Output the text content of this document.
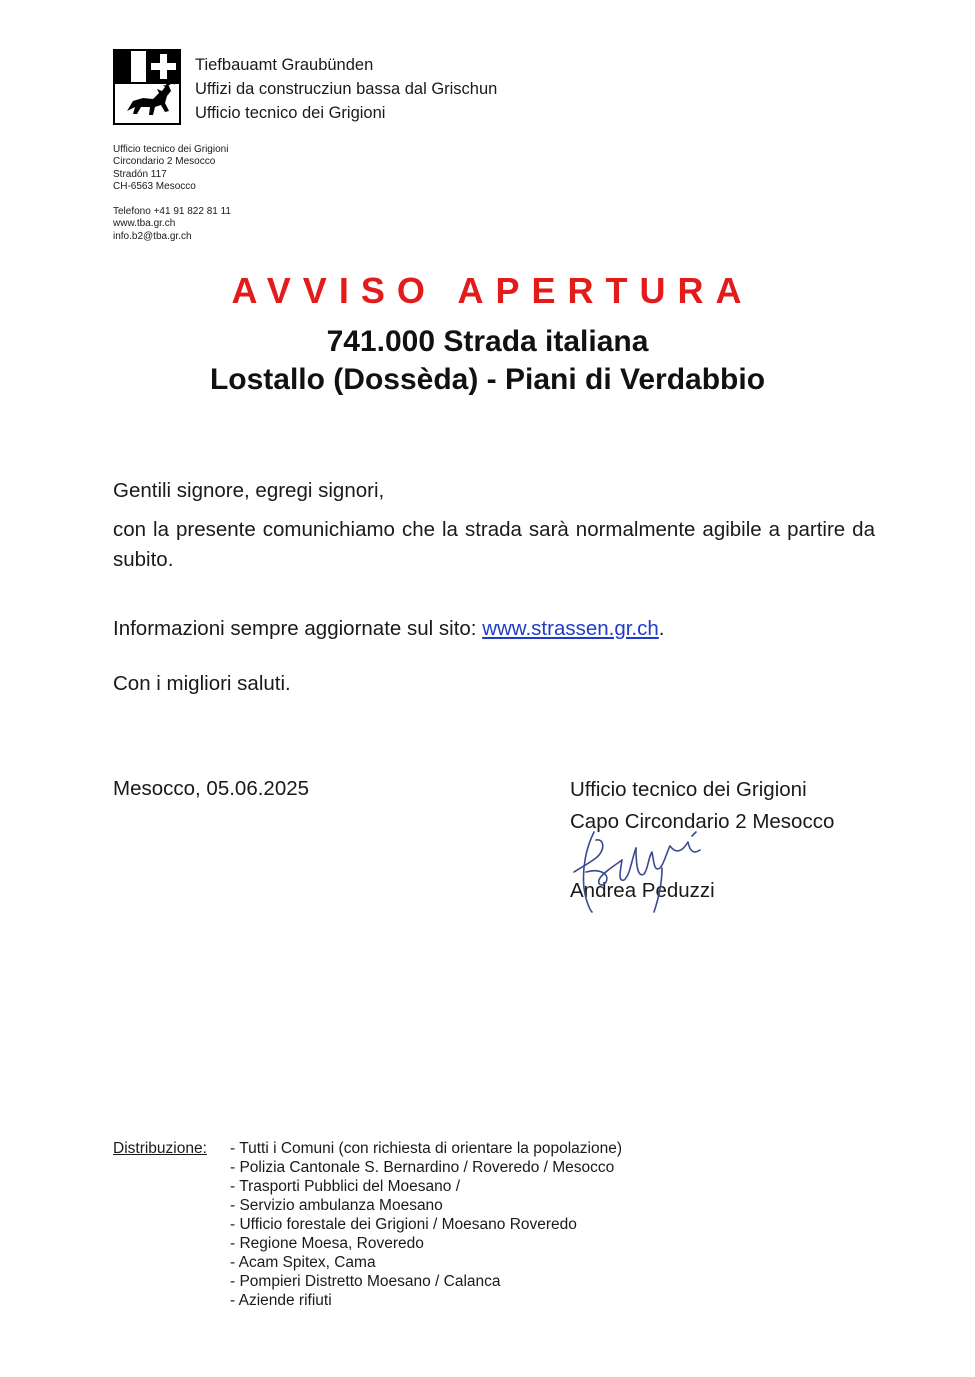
Tiefbauamt Graubünden
Uffizi da construcziun bassa dal Grischun
Ufficio tecnico dei Grigioni
Ufficio tecnico dei Grigioni
Circondario 2 Mesocco
Stradón 117
CH-6563 Mesocco
Telefono +41 91 822 81 11
www.tba.gr.ch
info.b2@tba.gr.ch
AVVISO APERTURA
741.000 Strada italiana
Lostallo (Dossèda) - Piani di Verdabbio
Gentili signore, egregi signori,
con la presente comunichiamo che la strada sarà normalmente agibile a partire da subito.
Informazioni sempre aggiornate sul sito: www.strassen.gr.ch.
Con i migliori saluti.
Mesocco, 05.06.2025	Ufficio tecnico dei Grigioni
Capo Circondario 2 Mesocco
Andrea Peduzzi
Distribuzione: - Tutti i Comuni (con richiesta di orientare la popolazione)
- Polizia Cantonale S. Bernardino / Roveredo / Mesocco
- Trasporti Pubblici del Moesano /
- Servizio ambulanza Moesano
- Ufficio forestale dei Grigioni / Moesano Roveredo
- Regione Moesa, Roveredo
- Acam Spitex, Cama
- Pompieri Distretto Moesano / Calanca
- Aziende rifiuti
